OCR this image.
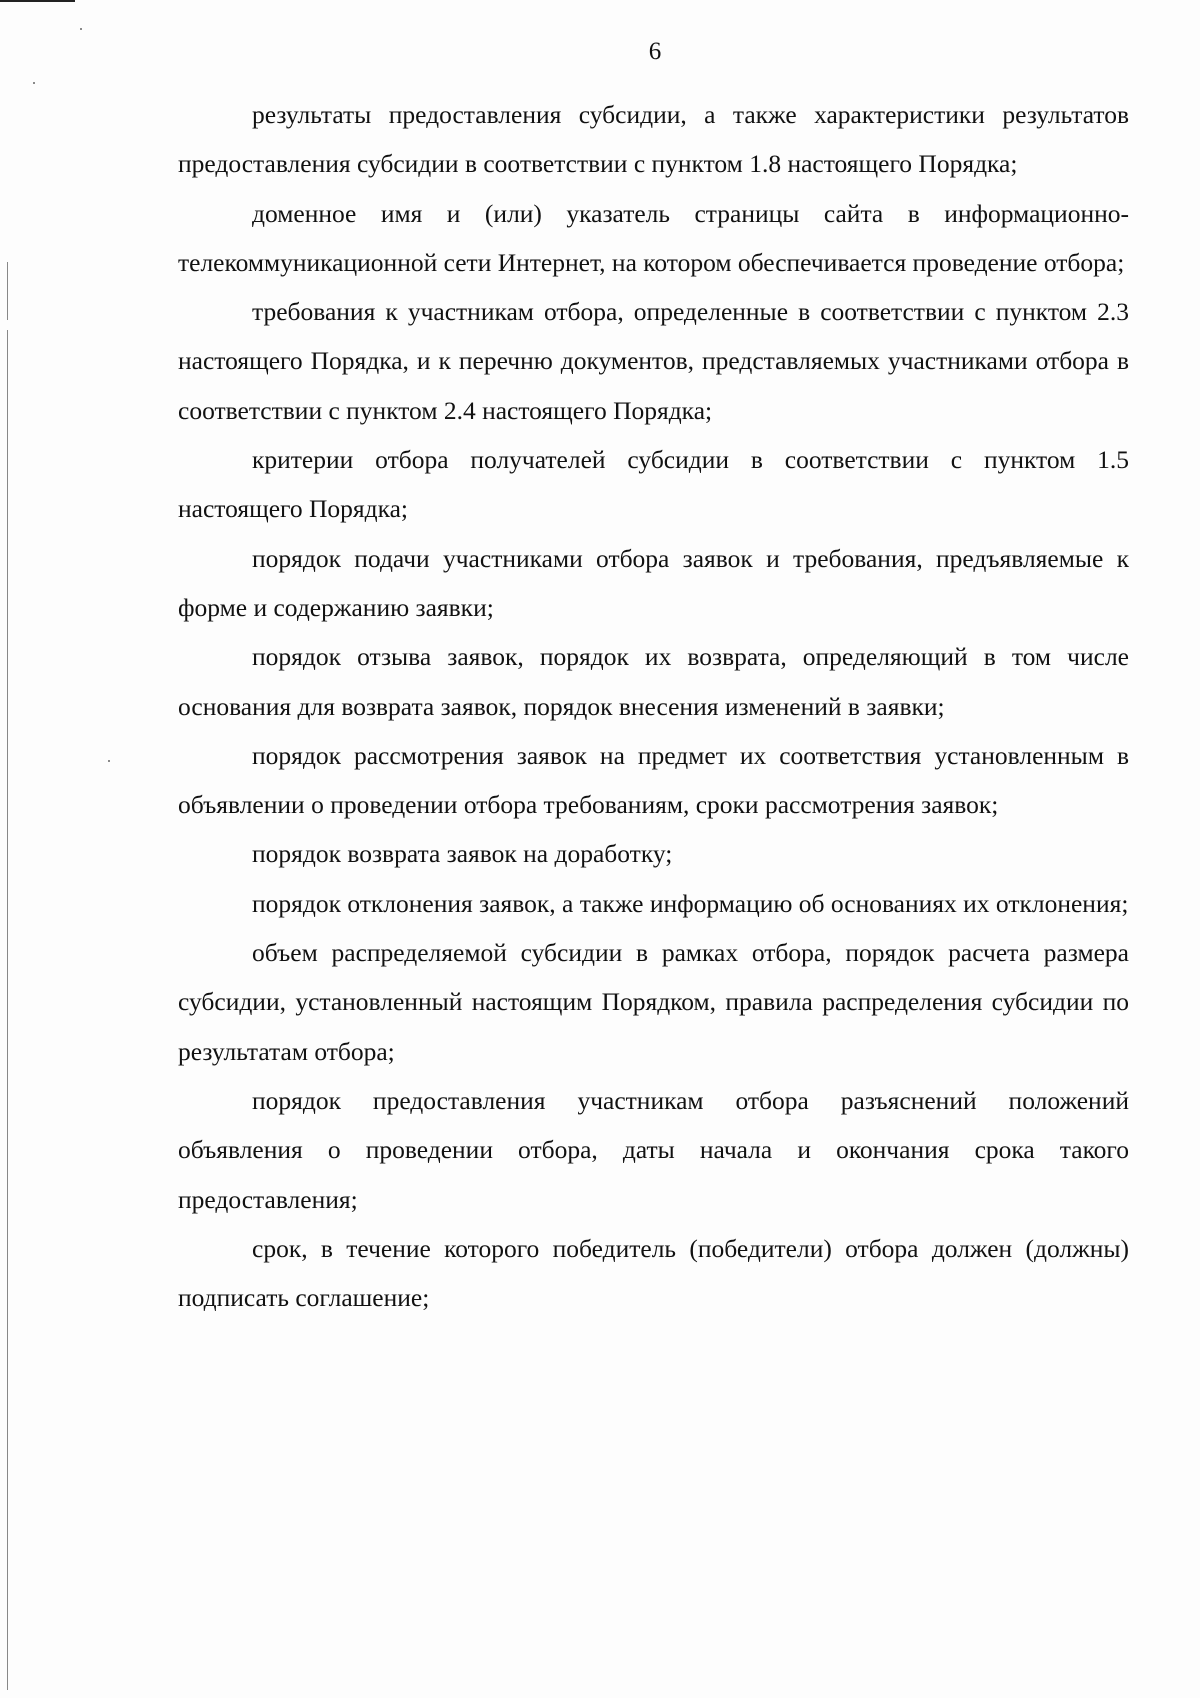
6

результаты предоставления субсидии, а также характеристики результатов предоставления субсидии в соответствии с пунктом 1.8 настоящего Порядка;

доменное имя и (или) указатель страницы сайта в информационно-телекоммуникационной сети Интернет, на котором обеспечивается проведение отбора;

требования к участникам отбора, определенные в соответствии с пунктом 2.3 настоящего Порядка, и к перечню документов, представляемых участниками отбора в соответствии с пунктом 2.4 настоящего Порядка;

критерии отбора получателей субсидии в соответствии с пунктом 1.5 настоящего Порядка;

порядок подачи участниками отбора заявок и требования, предъявляемые к форме и содержанию заявки;

порядок отзыва заявок, порядок их возврата, определяющий в том числе основания для возврата заявок, порядок внесения изменений в заявки;

порядок рассмотрения заявок на предмет их соответствия установленным в объявлении о проведении отбора требованиям, сроки рассмотрения заявок;

порядок возврата заявок на доработку;

порядок отклонения заявок, а также информацию об основаниях их отклонения;

объем распределяемой субсидии в рамках отбора, порядок расчета размера субсидии, установленный настоящим Порядком, правила распределения субсидии по результатам отбора;

порядок предоставления участникам отбора разъяснений положений объявления о проведении отбора, даты начала и окончания срока такого предоставления;

срок, в течение которого победитель (победители) отбора должен (должны) подписать соглашение;
